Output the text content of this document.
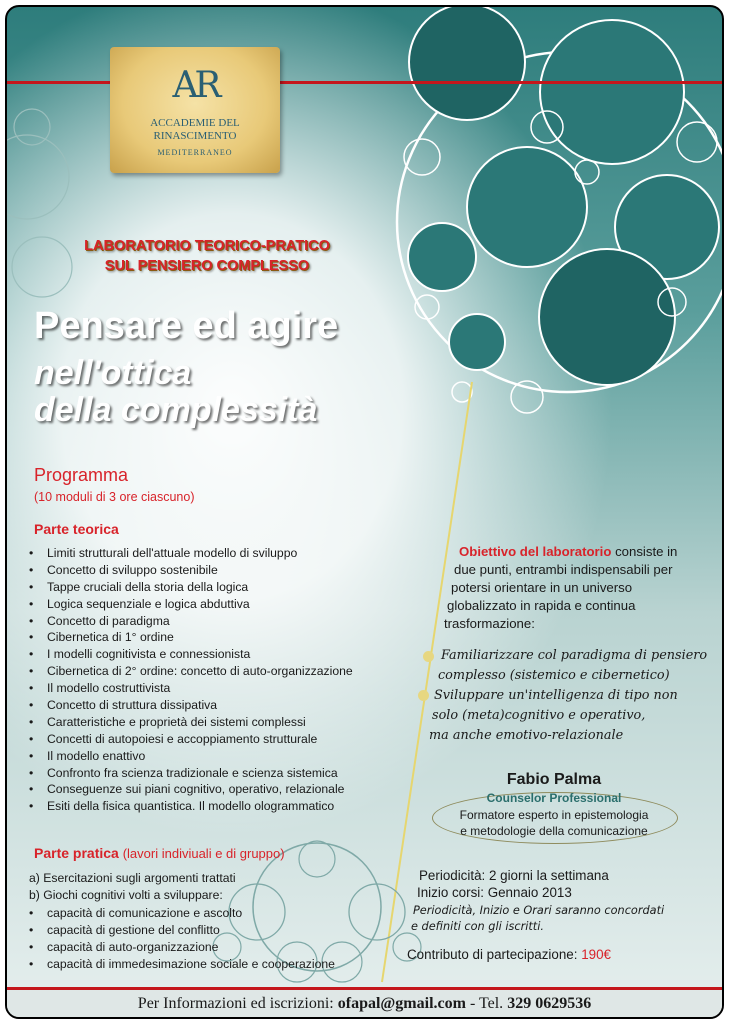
AR
ACCADEMIE DEL
RINASCIMENTO
MEDITERRANEO
LABORATORIO TEORICO-PRATICO
SUL PENSIERO COMPLESSO
Pensare ed agire
nell'ottica
della complessità
Programma
(10 moduli di 3 ore ciascuno)
Parte teorica
• Limiti strutturali dell'attuale modello di sviluppo
• Concetto di sviluppo sostenibile
• Tappe cruciali della storia della logica
• Logica sequenziale e logica abduttiva
• Concetto di paradigma
• Cibernetica di 1° ordine
• I modelli cognitivista e connessionista
• Cibernetica di 2° ordine: concetto di auto-organizzazione
• Il modello costruttivista
• Concetto di struttura dissipativa
• Caratteristiche e proprietà dei sistemi complessi
• Concetti di autopoiesi e accoppiamento strutturale
• Il modello enattivo
• Confronto fra scienza tradizionale e scienza sistemica
• Conseguenze sui piani cognitivo, operativo, relazionale
• Esiti della fisica quantistica. Il modello ologrammatico
Parte pratica (lavori indiviuali e di gruppo)
a) Esercitazioni sugli argomenti trattati
b) Giochi cognitivi volti a sviluppare:
• capacità di comunicazione e ascolto
• capacità di gestione del conflitto
• capacità di auto-organizzazione
• capacità di immedesimazione sociale e cooperazione
Obiettivo del laboratorio consiste in
due punti, entrambi indispensabili per
potersi orientare in un universo
globalizzato in rapida e continua
trasformazione:
Familiarizzare col paradigma di pensiero
complesso (sistemico e cibernetico)
Sviluppare un'intelligenza di tipo non
solo (meta)cognitivo e operativo,
ma anche emotivo-relazionale
Fabio Palma
Counselor Professional
Formatore esperto in epistemologia
e metodologie della comunicazione
Periodicità: 2 giorni la settimana
Inizio corsi: Gennaio 2013
Periodicità, Inizio e Orari saranno concordati
e definiti con gli iscritti.
Contributo di partecipazione: 190€
Per Informazioni ed iscrizioni: ofapal@gmail.com - Tel. 329 0629536
